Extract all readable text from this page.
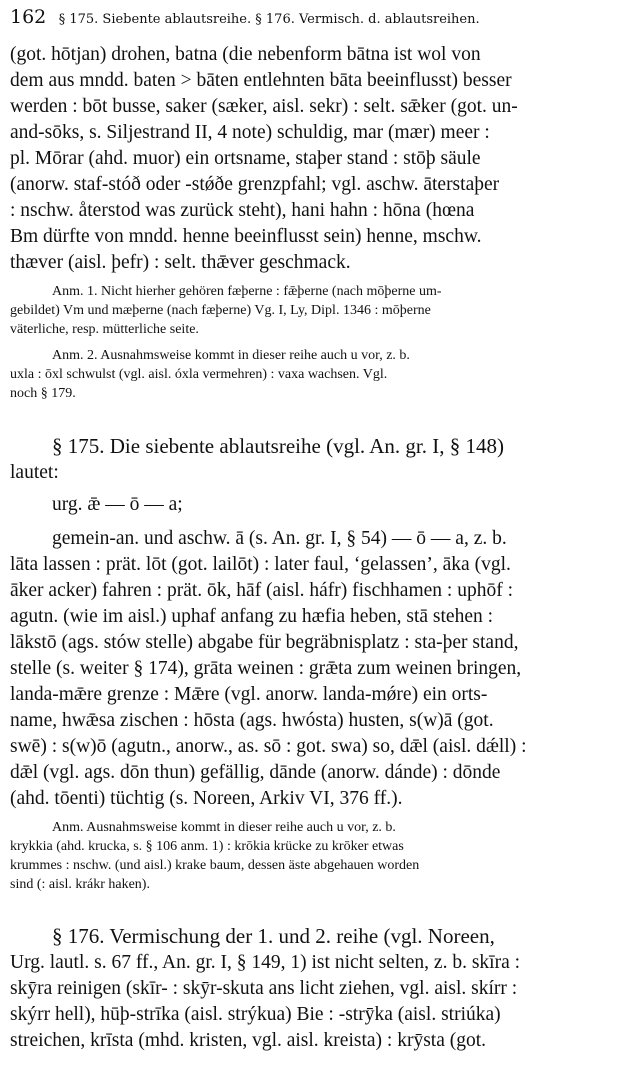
162 § 175. Siebente ablautsreihe. § 176. Vermisch. d. ablautsreihen.
(got. hōtjan) drohen, batna (die nebenform bātna ist wol von
dem aus mndd. baten > bāten entlehnten bāta beeinflusst) besser
werden : bōt busse, saker (sæker, aisl. sekr) : selt. sǣker (got. un-
and-sōks, s. Siljestrand II, 4 note) schuldig, mar (mær) meer :
pl. Mōrar (ahd. muor) ein ortsname, staþer stand : stōþ säule
(anorw. staf-stóð oder -stǿðe grenzpfahl; vgl. aschw. āterstaþer
: nschw. återstod was zurück steht), hani hahn : hōna (hœna
Bm dürfte von mndd. henne beeinflusst sein) henne, mschw.
thæver (aisl. þefr) : selt. thǣver geschmack.
Anm. 1. Nicht hierher gehören fæþerne : fǣþerne (nach mōþerne um-
gebildet) Vm und mæþerne (nach fæþerne) Vg. I, Ly, Dipl. 1346 : mōþerne
väterliche, resp. mütterliche seite.
Anm. 2. Ausnahmsweise kommt in dieser reihe auch u vor, z. b.
uxla : ōxl schwulst (vgl. aisl. óxla vermehren) : vaxa wachsen. Vgl.
noch § 179.
§ 175. Die siebente ablautsreihe (vgl. An. gr. I, § 148)
lautet:
urg. ǣ — ō — a;
gemein-an. und aschw. ā (s. An. gr. I, § 54) — ō — a, z. b.
lāta lassen : prät. lōt (got. lailōt) : later faul, ‘gelassen’, āka (vgl.
āker acker) fahren : prät. ōk, hāf (aisl. háfr) fischhamen : uphōf :
agutn. (wie im aisl.) uphaf anfang zu hæfia heben, stā stehen :
lākstō (ags. stów stelle) abgabe für begräbnisplatz : sta-þer stand,
stelle (s. weiter § 174), grāta weinen : grǣta zum weinen bringen,
landa-mǣre grenze : Mǣre (vgl. anorw. landa-mǿre) ein orts-
name, hwǣsa zischen : hōsta (ags. hwósta) husten, s(w)ā (got.
swē) : s(w)ō (agutn., anorw., as. sō : got. swa) so, dǣl (aisl. dǽll) :
dǣl (vgl. ags. dōn thun) gefällig, dānde (anorw. dánde) : dōnde
(ahd. tōenti) tüchtig (s. Noreen, Arkiv VI, 376 ff.).
Anm. Ausnahmsweise kommt in dieser reihe auch u vor, z. b.
krykkia (ahd. krucka, s. § 106 anm. 1) : krōkia krücke zu krōker etwas
krummes : nschw. (und aisl.) krake baum, dessen äste abgehauen worden
sind (: aisl. krákr haken).
§ 176. Vermischung der 1. und 2. reihe (vgl. Noreen,
Urg. lautl. s. 67 ff., An. gr. I, § 149, 1) ist nicht selten, z. b. skīra :
skȳra reinigen (skīr- : skȳr-skuta ans licht ziehen, vgl. aisl. skírr :
skýrr hell), hūþ-strīka (aisl. strýkua) Bie : -strȳka (aisl. striúka)
streichen, krīsta (mhd. kristen, vgl. aisl. kreista) : krȳsta (got.
